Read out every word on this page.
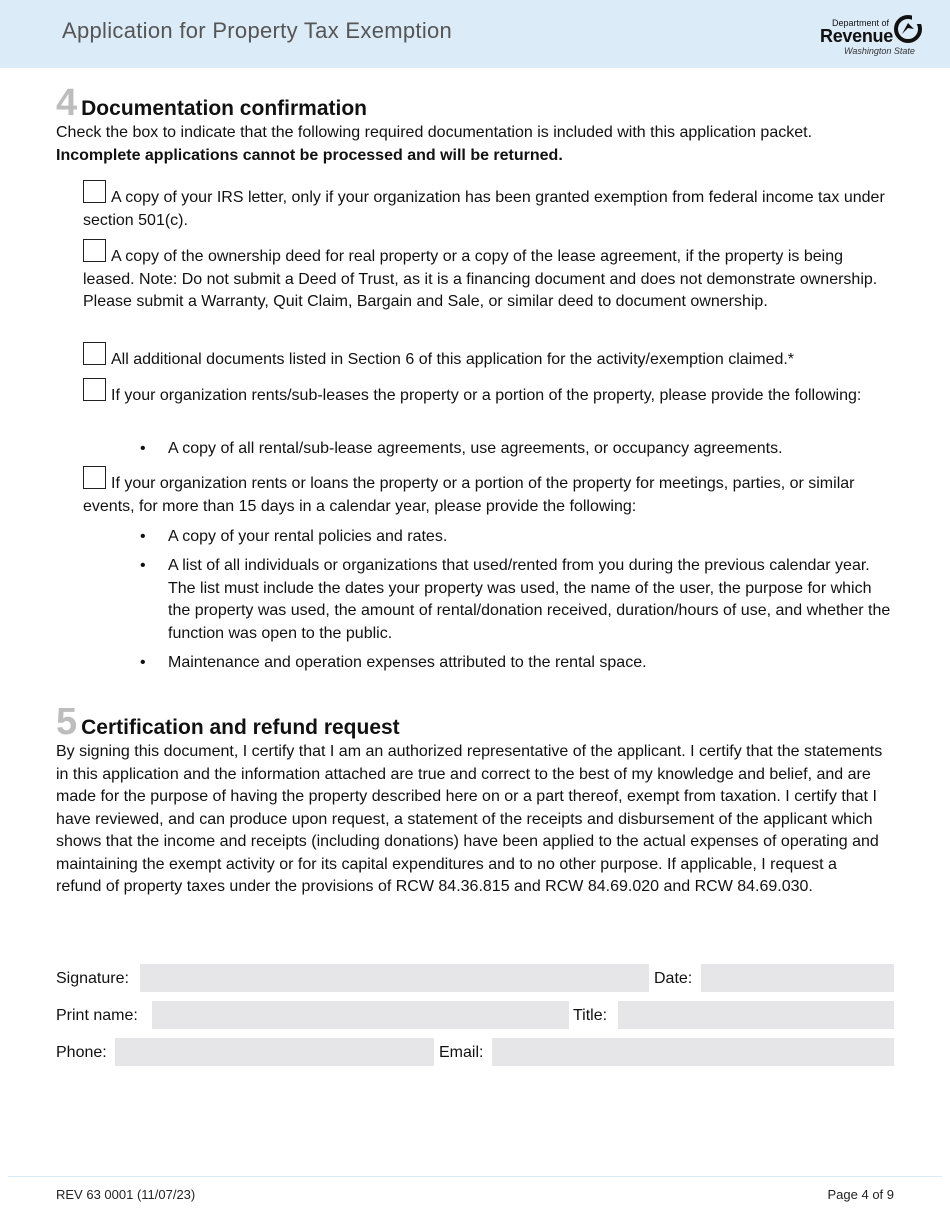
Application for Property Tax Exemption	Department of
Revenue
Washington State
4 Documentation confirmation
Check the box to indicate that the following required documentation is included with this application packet. Incomplete applications cannot be processed and will be returned.
A copy of your IRS letter, only if your organization has been granted exemption from federal income tax under section 501(c).
A copy of the ownership deed for real property or a copy of the lease agreement, if the property is being leased. Note: Do not submit a Deed of Trust, as it is a financing document and does not demonstrate ownership. Please submit a Warranty, Quit Claim, Bargain and Sale, or similar deed to document ownership.
All additional documents listed in Section 6 of this application for the activity/exemption claimed.*
If your organization rents/sub-leases the property or a portion of the property, please provide the following:
• A copy of all rental/sub-lease agreements, use agreements, or occupancy agreements.
If your organization rents or loans the property or a portion of the property for meetings, parties, or similar events, for more than 15 days in a calendar year, please provide the following:
• A copy of your rental policies and rates.
• A list of all individuals or organizations that used/rented from you during the previous calendar year. The list must include the dates your property was used, the name of the user, the purpose for which the property was used, the amount of rental/donation received, duration/hours of use, and whether the function was open to the public.
• Maintenance and operation expenses attributed to the rental space.
5 Certification and refund request
By signing this document, I certify that I am an authorized representative of the applicant. I certify that the statements in this application and the information attached are true and correct to the best of my knowledge and belief, and are made for the purpose of having the property described here on or a part thereof, exempt from taxation. I certify that I have reviewed, and can produce upon request, a statement of the receipts and disbursement of the applicant which shows that the income and receipts (including donations) have been applied to the actual expenses of operating and maintaining the exempt activity or for its capital expenditures and to no other purpose. If applicable, I request a refund of property taxes under the provisions of RCW 84.36.815 and RCW 84.69.020 and RCW 84.69.030.
Signature:	Date:
Print name:	Title:
Phone:	Email:
REV 63 0001 (11/07/23)	Page 4 of 9
